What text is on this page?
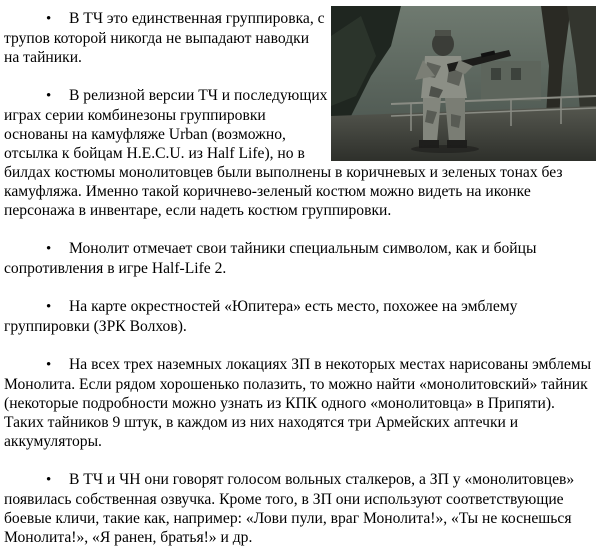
• В ТЧ это единственная группировка, с трупов которой никогда не выпадают наводки на тайники.

• В релизной версии ТЧ и последующих играх серии комбинезоны группировки основаны на камуфляже Urban (возможно, отсылка к бойцам H.E.C.U. из Half Life), но в билдах костюмы монолитовцев были выполнены в коричневых и зеленых тонах без камуфляжа. Именно такой коричнево-зеленый костюм можно видеть на иконке персонажа в инвентаре, если надеть костюм группировки.

• Монолит отмечает свои тайники специальным символом, как и бойцы сопротивления в игре Half-Life 2.

• На карте окрестностей «Юпитера» есть место, похожее на эмблему группировки (ЗРК Волхов).

• На всех трех наземных локациях ЗП в некоторых местах нарисованы эмблемы Монолита. Если рядом хорошенько полазить, то можно найти «монолитовский» тайник (некоторые подробности можно узнать из КПК одного «монолитовца» в Припяти). Таких тайников 9 штук, в каждом из них находятся три Армейских аптечки и аккумуляторы.

• В ТЧ и ЧН они говорят голосом вольных сталкеров, а ЗП у «монолитовцев» появилась собственная озвучка. Кроме того, в ЗП они используют соответствующие боевые кличи, такие как, например: «Лови пули, враг Монолита!», «Ты не коснешься Монолита!», «Я ранен, братья!» и др.
